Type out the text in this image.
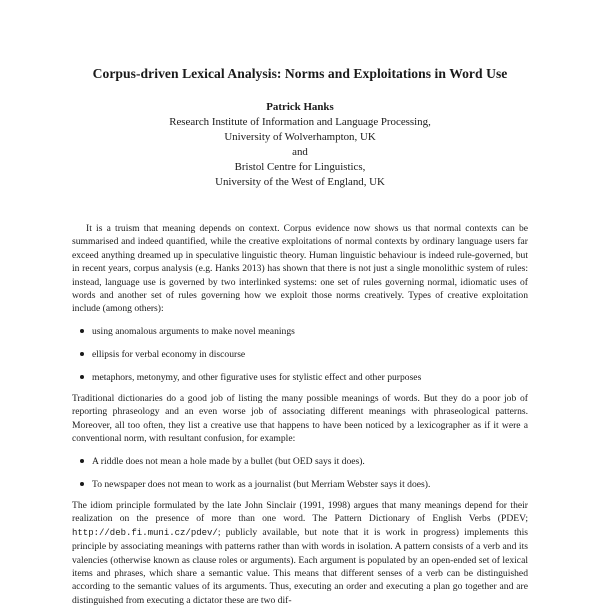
Corpus-driven Lexical Analysis: Norms and Exploitations in Word Use
Patrick Hanks
Research Institute of Information and Language Processing,
University of Wolverhampton, UK
and
Bristol Centre for Linguistics,
University of the West of England, UK

It is a truism that meaning depends on context. Corpus evidence now shows us that normal contexts can be summarised and indeed quantified, while the creative exploitations of normal contexts by ordinary language users far exceed anything dreamed up in speculative linguistic theory. Human linguistic behaviour is indeed rule-governed, but in recent years, corpus analysis (e.g. Hanks 2013) has shown that there is not just a single monolithic system of rules: instead, language use is governed by two interlinked systems: one set of rules governing normal, idiomatic uses of words and another set of rules governing how we exploit those norms creatively. Types of creative exploitation include (among others):

using anomalous arguments to make novel meanings
ellipsis for verbal economy in discourse
metaphors, metonymy, and other figurative uses for stylistic effect and other purposes

Traditional dictionaries do a good job of listing the many possible meanings of words. But they do a poor job of reporting phraseology and an even worse job of associating different meanings with phraseological patterns. Moreover, all too often, they list a creative use that happens to have been noticed by a lexicographer as if it were a conventional norm, with resultant confusion, for example:

A riddle does not mean a hole made by a bullet (but OED says it does).
To newspaper does not mean to work as a journalist (but Merriam Webster says it does).

The idiom principle formulated by the late John Sinclair (1991, 1998) argues that many meanings depend for their realization on the presence of more than one word. The Pattern Dictionary of English Verbs (PDEV; http://deb.fi.muni.cz/pdev/; publicly available, but note that it is work in progress) implements this principle by associating meanings with patterns rather than with words in isolation. A pattern consists of a verb and its valencies (otherwise known as clause roles or arguments). Each argument is populated by an open-ended set of lexical items and phrases, which share a semantic value. This means that different senses of a verb can be distinguished according to the semantic values of its arguments. Thus, executing an order and executing a plan go together and are distinguished from executing a dictator these are two dif-
